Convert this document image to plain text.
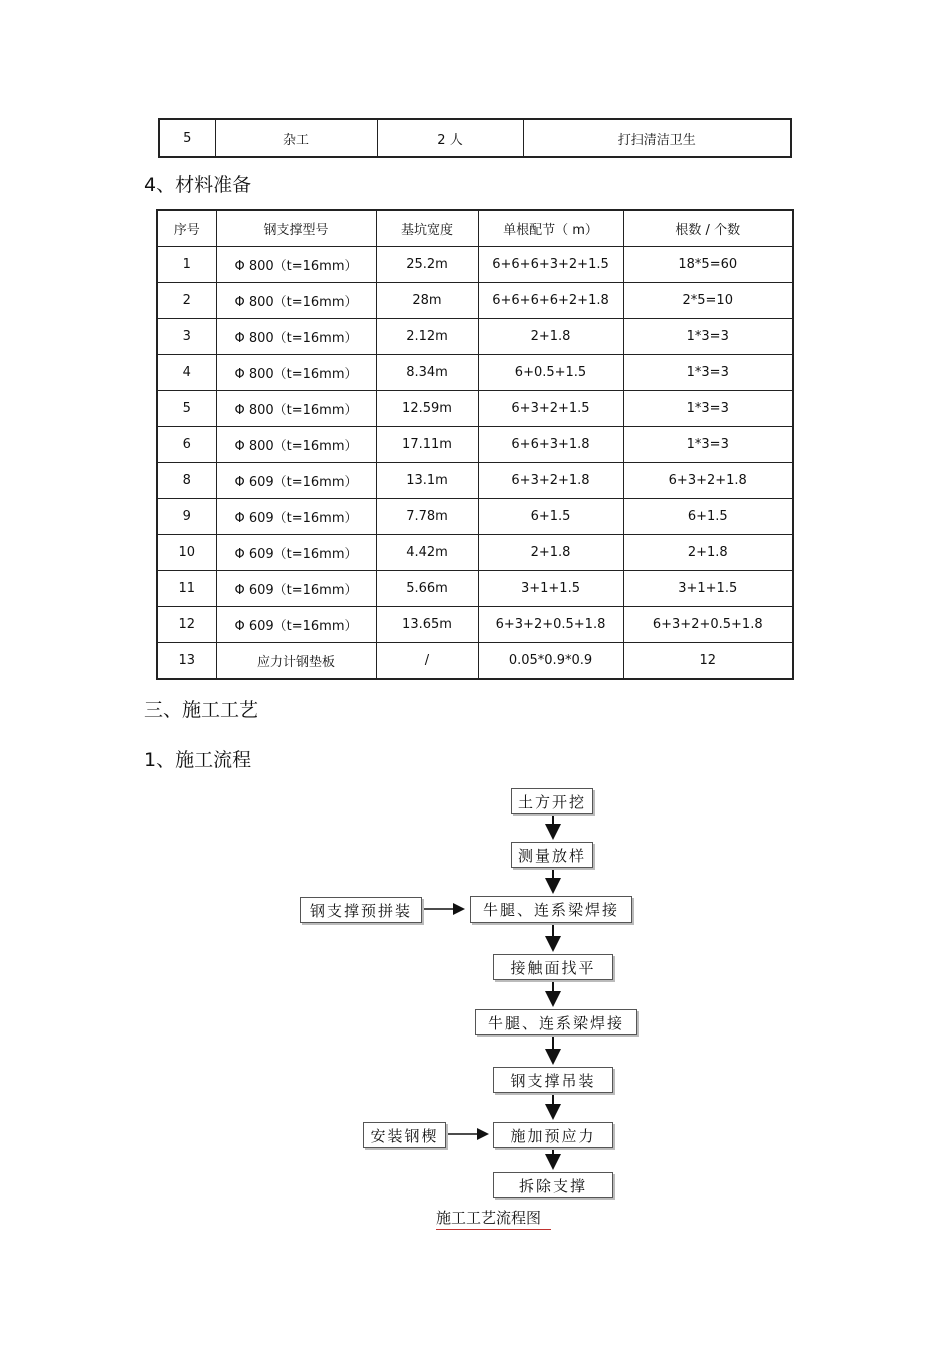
5	杂工	2 人	打扫清洁卫生
4、材料准备
序号	钢支撑型号	基坑宽度	单根配节（ m）	根数 / 个数
1	Φ 800（t=16mm）	25.2m	6+6+6+3+2+1.5	18*5=60
2	Φ 800（t=16mm）	28m	6+6+6+6+2+1.8	2*5=10
3	Φ 800（t=16mm）	2.12m	2+1.8	1*3=3
4	Φ 800（t=16mm）	8.34m	6+0.5+1.5	1*3=3
5	Φ 800（t=16mm）	12.59m	6+3+2+1.5	1*3=3
6	Φ 800（t=16mm）	17.11m	6+6+3+1.8	1*3=3
8	Φ 609（t=16mm）	13.1m	6+3+2+1.8	6+3+2+1.8
9	Φ 609（t=16mm）	7.78m	6+1.5	6+1.5
10	Φ 609（t=16mm）	4.42m	2+1.8	2+1.8
11	Φ 609（t=16mm）	5.66m	3+1+1.5	3+1+1.5
12	Φ 609（t=16mm）	13.65m	6+3+2+0.5+1.8	6+3+2+0.5+1.8
13	应力计钢垫板	/	0.05*0.9*0.9	12
三、施工工艺
1、施工流程
土方开挖
测量放样
牛腿、连系梁焊接
接触面找平
牛腿、连系梁焊接
钢支撑吊装
施加预应力
拆除支撑
钢支撑预拼装
安装钢楔
施工工艺流程图
